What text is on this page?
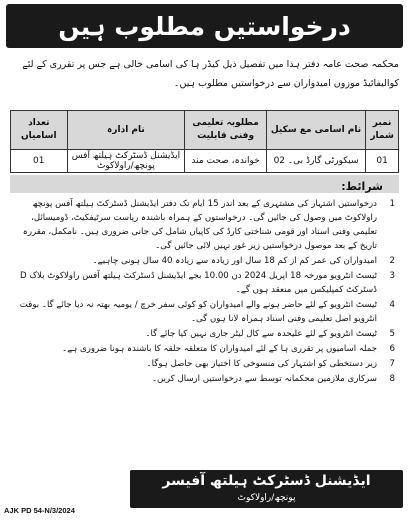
درخواستیں مطلوب ہیں
محکمہ صحت عامہ دفتر ہذا میں تفصیل ذیل کیڈر ہا کی اسامی خالی ہے جس پر تقرری کے لئے کوالیفائیڈ موزوں امیدواران سے درخواستیں مطلوب ہیں۔
نمبر شمار	نام اسامی مع سکیل	مطلوبہ تعلیمی وفنی قابلیت	نام ادارہ	تعداد اسامیاں
01	سیکورٹی گارڈ بی۔ 02	خواندہ، صحت مند	ایڈیشنل ڈسٹرکٹ ہیلتھ آفس پونچھ/راولاکوٹ	01
شرائط:
1
درخواستیں اشتہار کی مشتہری کے بعد اندر 15 ایام تک دفتر ایڈیشنل ڈسٹرکٹ ہیلتھ آفس پونچھ راولاکوٹ میں وصول کی جائیں گی۔ درخواستوں کے ہمراہ باشندہ ریاست سرٹیفکیٹ، ڈومیسائل، تعلیمی وفنی اسناد اور قومی شناختی کارڈ کی کاپیاں شامل کی جانی ضروری ہیں۔ نامکمل، مقررہ تاریخ کے بعد موصول درخواستیں زیر غور نہیں لائی جائیں گی۔
2
امیدواران کی عمر کم از کم 18 سال اور زیادہ سے زیادہ 40 سال ہونی چاہیے۔
3
ٹیسٹ انٹرویو مورخہ 18 اپریل 2024 دن 10.00 بجے ایڈیشنل ڈسٹرکٹ ہیلتھ آفس راولاکوٹ بلاک D ڈسٹرکٹ کمپلیکس میں منعقد ہوں گے۔
4
ٹیسٹ انٹرویو کے لئے حاضر ہونے والے امیدواران کو کوئی سفر خرچ / یومیہ بھتہ نہ دیا جائے گا۔ بوقت انٹرویو اصل تعلیمی وفنی اسناد ہمراہ لانا ہوں گی۔
5
ٹیسٹ انٹرویو کے لئے علیحدہ سے کال لیٹر جاری نہیں کیا جائے گا۔
6
جملہ اسامیوں پر تقرری ہا کے لئے امیدواران کا متعلقہ حلقہ کا باشندہ ہونا ضروری ہے۔
7
زیر دستخطی کو اشتہار کی منسوخی کا اختیار بھی حاصل ہوگا۔
8
سرکاری ملازمین محکمانہ توسط سے درخواستیں ارسال کریں۔
ایڈیشنل ڈسٹرکٹ ہیلتھ آفیسر
پونچھ/راولاکوٹ
AJK PD 54-N/3/2024
